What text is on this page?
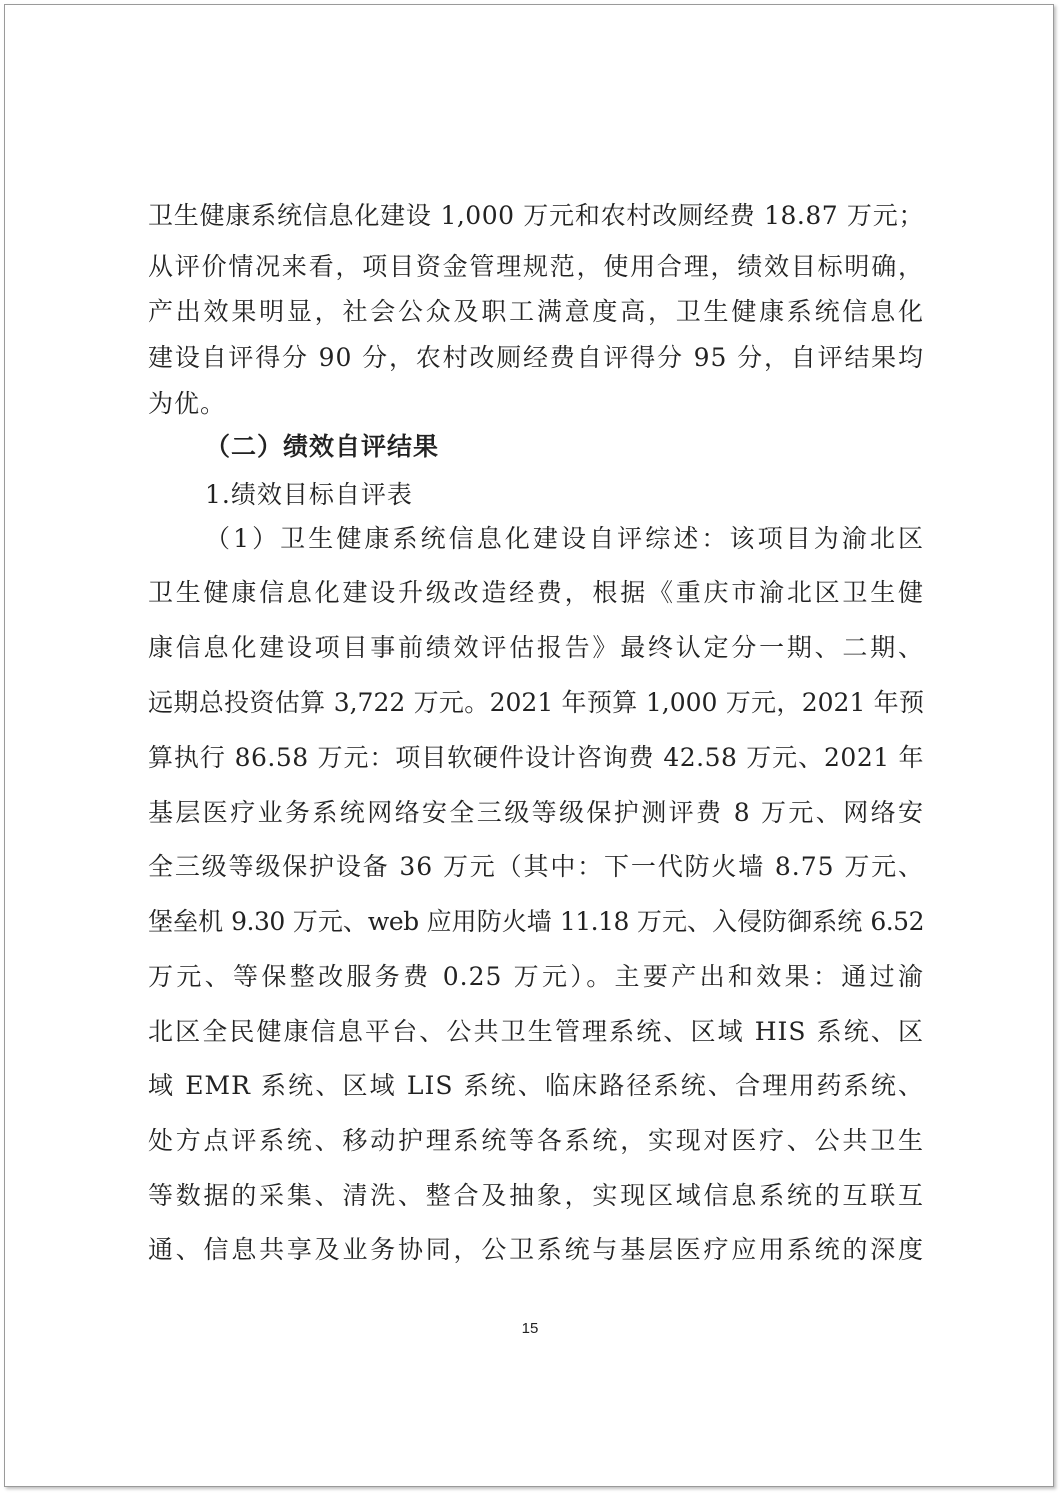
卫生健康系统信息化建设 1,000 万元和农村改厕经费 18.87 万元；
从评价情况来看，项目资金管理规范，使用合理，绩效目标明确，
产出效果明显，社会公众及职工满意度高，卫生健康系统信息化
建设自评得分 90 分，农村改厕经费自评得分 95 分，自评结果均
为优。
（二）绩效自评结果
1.绩效目标自评表
（1）卫生健康系统信息化建设自评综述：该项目为渝北区
卫生健康信息化建设升级改造经费，根据《重庆市渝北区卫生健
康信息化建设项目事前绩效评估报告》最终认定分一期、二期、
远期总投资估算 3,722 万元。2021 年预算 1,000 万元，2021 年预
算执行 86.58 万元：项目软硬件设计咨询费 42.58 万元、2021 年
基层医疗业务系统网络安全三级等级保护测评费 8 万元、网络安
全三级等级保护设备 36 万元（其中：下一代防火墙 8.75 万元、
堡垒机 9.30 万元、web 应用防火墙 11.18 万元、入侵防御系统 6.52
万元、等保整改服务费 0.25 万元）。主要产出和效果：通过渝
北区全民健康信息平台、公共卫生管理系统、区域 HIS 系统、区
域 EMR 系统、区域 LIS 系统、临床路径系统、合理用药系统、
处方点评系统、移动护理系统等各系统，实现对医疗、公共卫生
等数据的采集、清洗、整合及抽象，实现区域信息系统的互联互
通、信息共享及业务协同，公卫系统与基层医疗应用系统的深度
15
